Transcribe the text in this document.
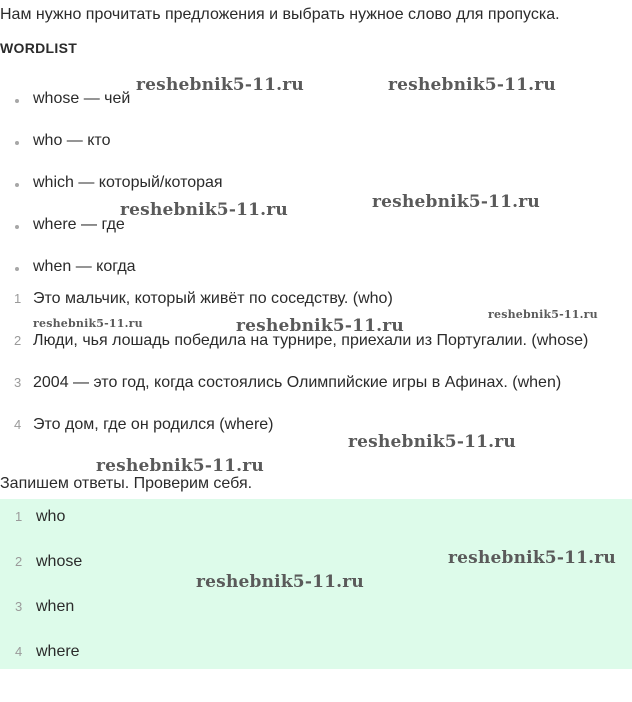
Нам нужно прочитать предложения и выбрать нужное слово для пропуска.
WORDLIST
whose — чей
who — кто
which — который/которая
where — где
when — когда
1 Это мальчик, который живёт по соседству. (who)
2 Люди, чья лошадь победила на турнире, приехали из Португалии. (whose)
3 2004 — это год, когда состоялись Олимпийские игры в Афинах. (when)
4 Это дом, где он родился (where)
Запишем ответы. Проверим себя.
1 who
2 whose
3 when
4 where
reshebnik5-11.ru	reshebnik5-11.ru
reshebnik5-11.ru	reshebnik5-11.ru
reshebnik5-11.ru	reshebnik5-11.ru
reshebnik5-11.ru
reshebnik5-11.ru
reshebnik5-11.ru
reshebnik5-11.ru
reshebnik5-11.ru
